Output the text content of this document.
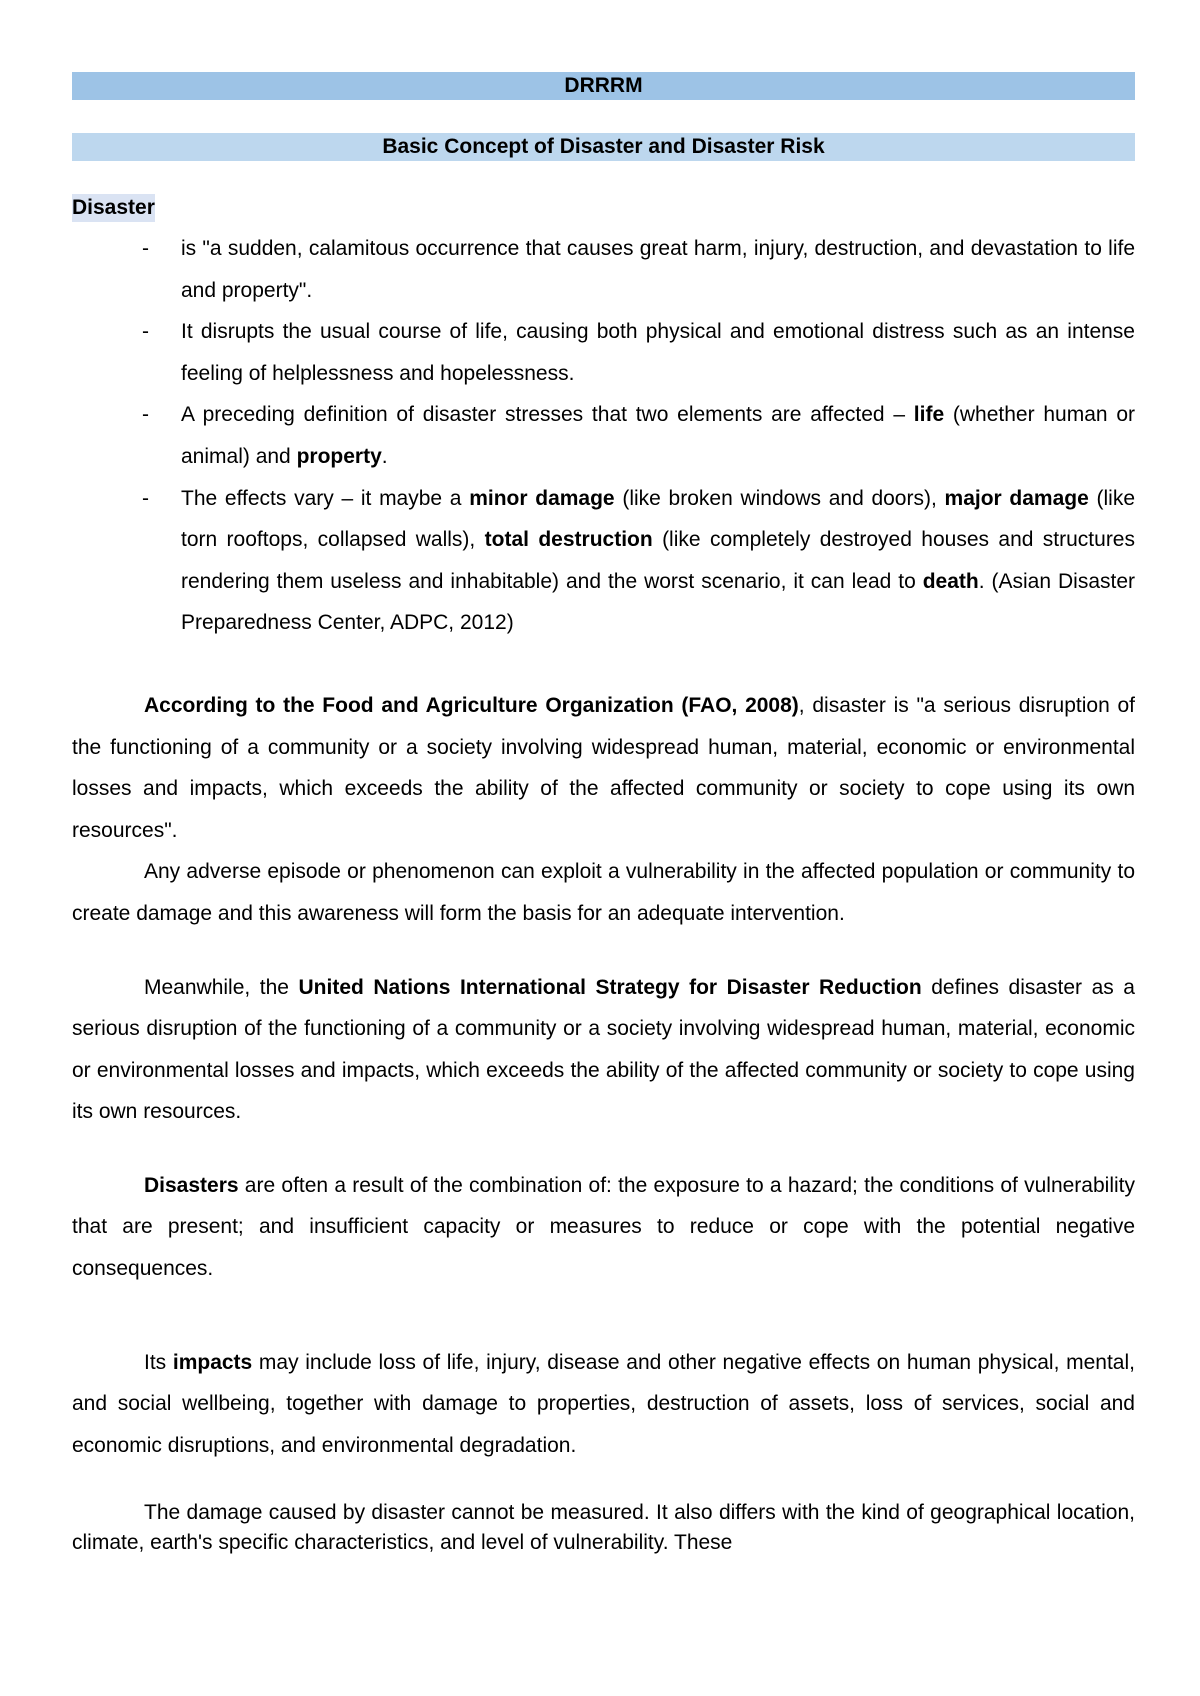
DRRRM
Basic Concept of Disaster and Disaster Risk
Disaster
- is "a sudden, calamitous occurrence that causes great harm, injury, destruction, and devastation to life and property".
- It disrupts the usual course of life, causing both physical and emotional distress such as an intense feeling of helplessness and hopelessness.
- A preceding definition of disaster stresses that two elements are affected – life (whether human or animal) and property.
- The effects vary – it maybe a minor damage (like broken windows and doors), major damage (like torn rooftops, collapsed walls), total destruction (like completely destroyed houses and structures rendering them useless and inhabitable) and the worst scenario, it can lead to death. (Asian Disaster Preparedness Center, ADPC, 2012)

According to the Food and Agriculture Organization (FAO, 2008), disaster is "a serious disruption of the functioning of a community or a society involving widespread human, material, economic or environmental losses and impacts, which exceeds the ability of the affected community or society to cope using its own resources".

Any adverse episode or phenomenon can exploit a vulnerability in the affected population or community to create damage and this awareness will form the basis for an adequate intervention.

Meanwhile, the United Nations International Strategy for Disaster Reduction defines disaster as a serious disruption of the functioning of a community or a society involving widespread human, material, economic or environmental losses and impacts, which exceeds the ability of the affected community or society to cope using its own resources.

Disasters are often a result of the combination of: the exposure to a hazard; the conditions of vulnerability that are present; and insufficient capacity or measures to reduce or cope with the potential negative consequences.

Its impacts may include loss of life, injury, disease and other negative effects on human physical, mental, and social wellbeing, together with damage to properties, destruction of assets, loss of services, social and economic disruptions, and environmental degradation.

The damage caused by disaster cannot be measured. It also differs with the kind of geographical location, climate, earth's specific characteristics, and level of vulnerability. These
